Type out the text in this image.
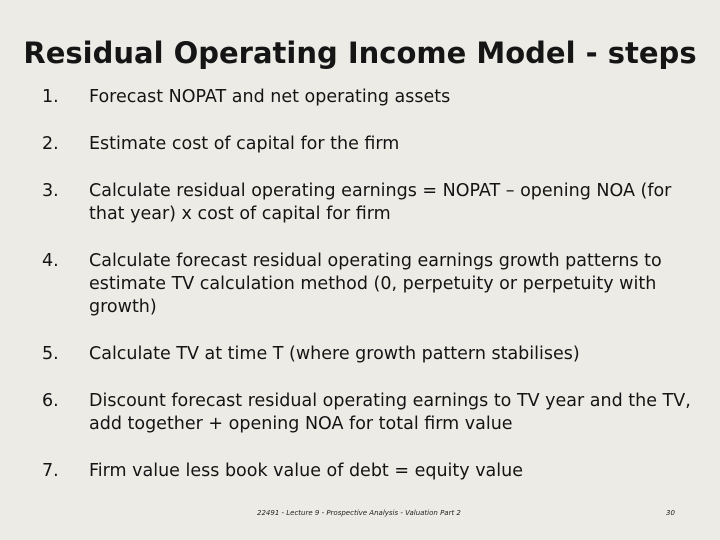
Residual Operating Income Model - steps
1.	Forecast NOPAT and net operating assets
2.	Estimate cost of capital for the firm
3.	Calculate residual operating earnings = NOPAT – opening NOA (for that year) x cost of capital for firm
4.	Calculate forecast residual operating earnings growth patterns to estimate TV calculation method (0, perpetuity or perpetuity with growth)
5.	Calculate TV at time T (where growth pattern stabilises)
6.	Discount forecast residual operating earnings to TV year and the TV, add together + opening NOA for total firm value
7.	Firm value less book value of debt = equity value
22491 - Lecture 9 - Prospective Analysis - Valuation Part 2	30
